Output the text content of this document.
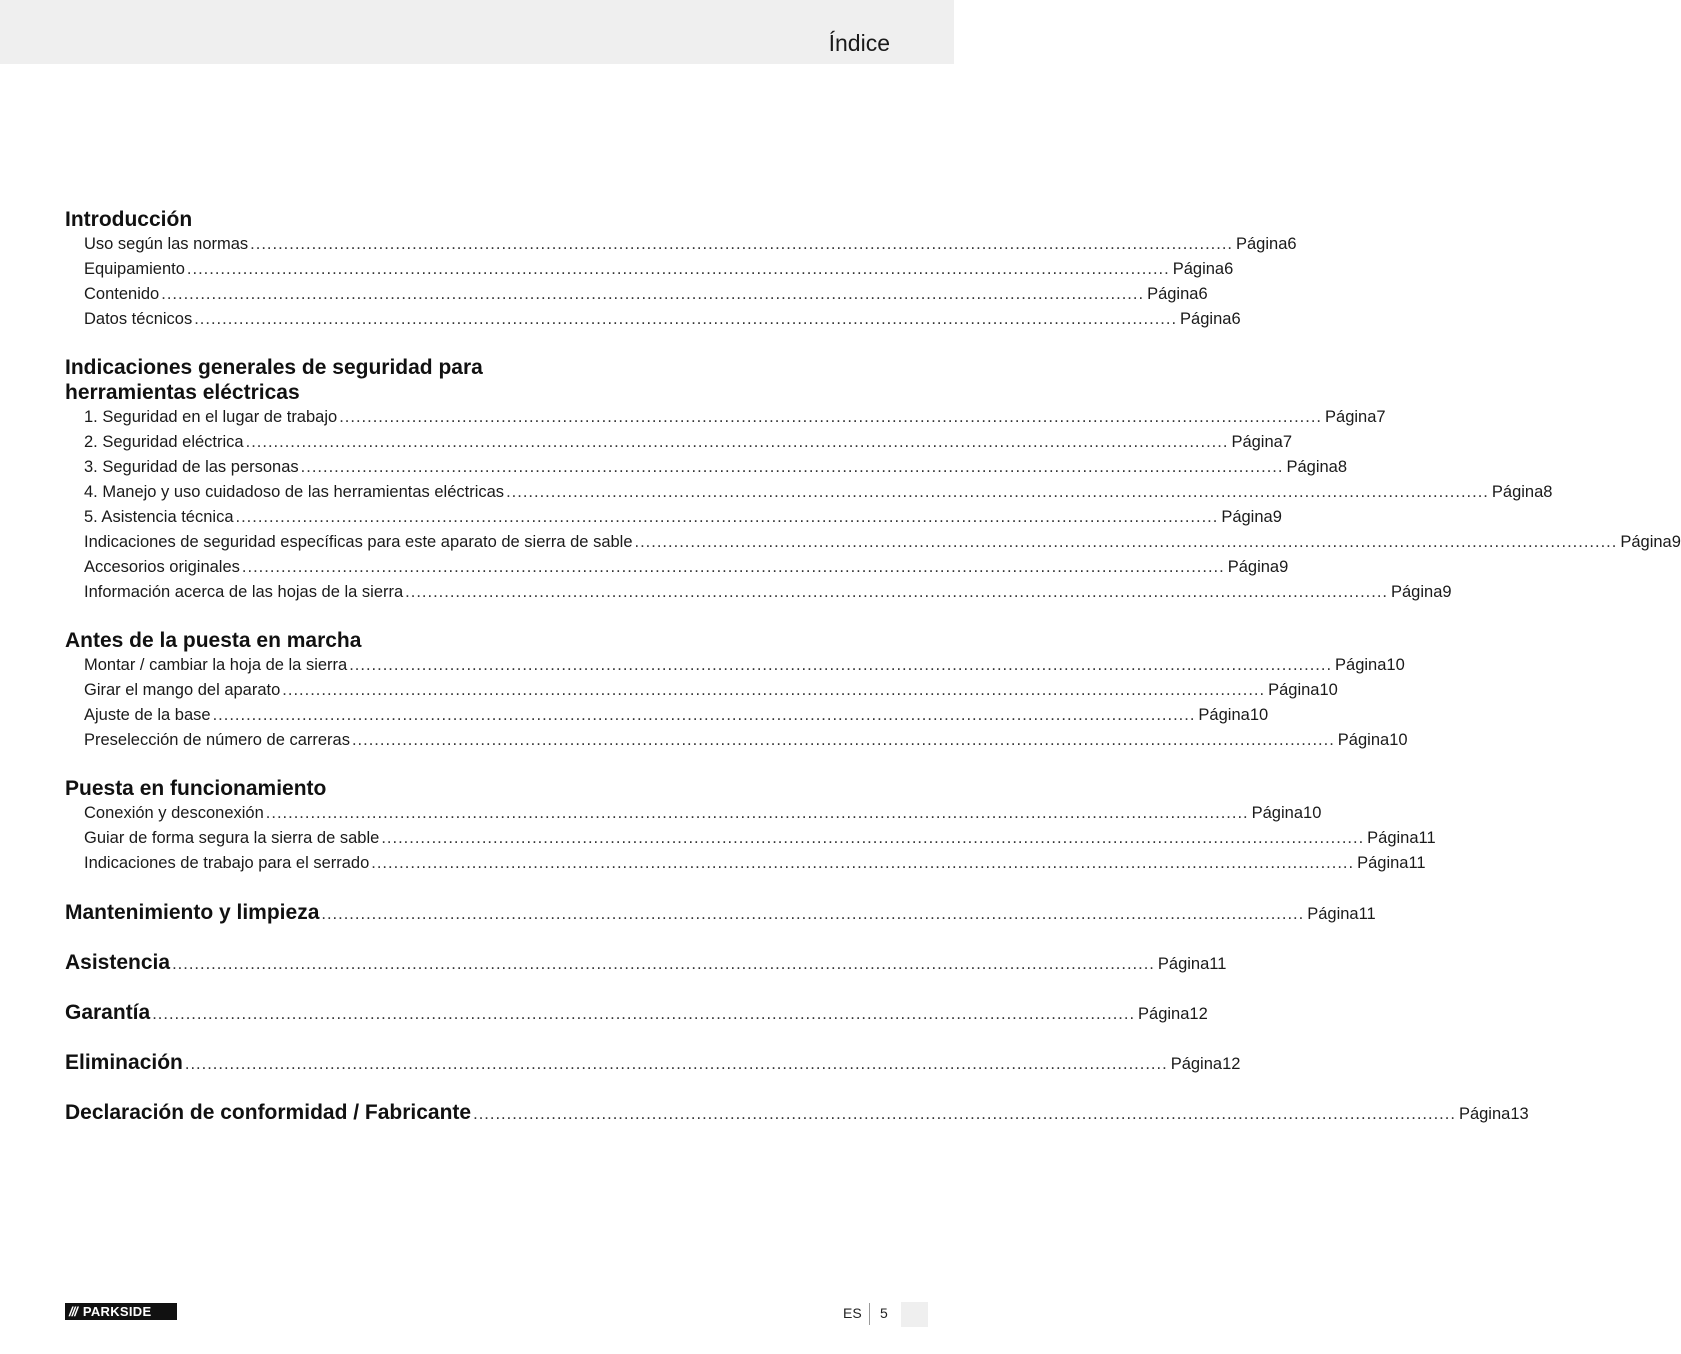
Índice
Introducción
Uso según las normas ................................................................................................................................................................................ Página 6
Equipamiento ................................................................................................................................................................................ Página 6
Contenido ................................................................................................................................................................................ Página 6
Datos técnicos ................................................................................................................................................................................ Página 6
Indicaciones generales de seguridad para
herramientas eléctricas
1. Seguridad en el lugar de trabajo ................................................................................................................................................................................ Página 7
2. Seguridad eléctrica ................................................................................................................................................................................ Página 7
3. Seguridad de las personas ................................................................................................................................................................................ Página 8
4. Manejo y uso cuidadoso de las herramientas eléctricas ................................................................................................................................................................................ Página 8
5. Asistencia técnica ................................................................................................................................................................................ Página 9
Indicaciones de seguridad específicas para este aparato de sierra de sable ................................................................................................................................................................................ Página 9
Accesorios originales ................................................................................................................................................................................ Página 9
Información acerca de las hojas de la sierra ................................................................................................................................................................................ Página 9
Antes de la puesta en marcha
Montar / cambiar la hoja de la sierra ................................................................................................................................................................................ Página 10
Girar el mango del aparato ................................................................................................................................................................................ Página 10
Ajuste de la base ................................................................................................................................................................................ Página 10
Preselección de número de carreras ................................................................................................................................................................................ Página 10
Puesta en funcionamiento
Conexión y desconexión ................................................................................................................................................................................ Página 10
Guiar de forma segura la sierra de sable ................................................................................................................................................................................ Página 11
Indicaciones de trabajo para el serrado ................................................................................................................................................................................ Página 11
Mantenimiento y limpieza ................................................................................................................................................................................ Página 11
Asistencia ................................................................................................................................................................................ Página 11
Garantía ................................................................................................................................................................................ Página 12
Eliminación ................................................................................................................................................................................ Página 12
Declaración de conformidad / Fabricante ................................................................................................................................................................................ Página 13
/// PARKSIDE	ES 5
